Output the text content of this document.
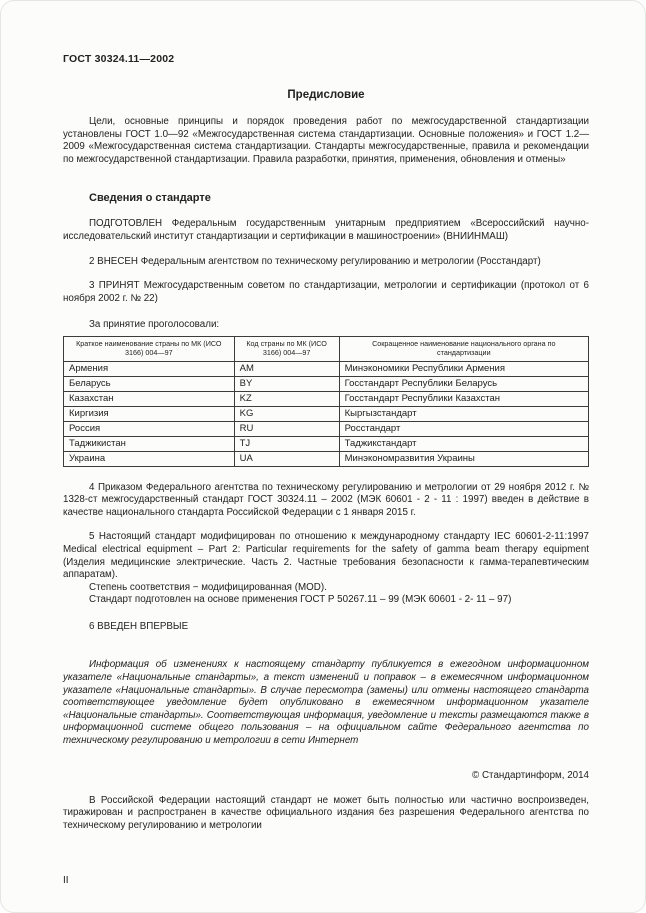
ГОСТ 30324.11—2002
Предисловие

Цели, основные принципы и порядок проведения работ по межгосударственной стандартизации установлены ГОСТ 1.0—92 «Межгосударственная система стандартизации. Основные положения» и ГОСТ 1.2—2009 «Межгосударственная система стандартизации. Стандарты межгосударственные, правила и рекомендации по межгосударственной стандартизации. Правила разработки, принятия, применения, обновления и отмены»

Сведения о стандарте

ПОДГОТОВЛЕН Федеральным государственным унитарным предприятием «Всероссийский научно-исследовательский институт стандартизации и сертификации в машиностроении» (ВНИИНМАШ)

2 ВНЕСЕН Федеральным агентством по техническому регулированию и метрологии (Росстандарт)

3 ПРИНЯТ Межгосударственным советом по стандартизации, метрологии и сертификации (протокол от 6 ноября 2002 г. № 22)

За принятие проголосовали:

Краткое наименование страны по МК (ИСО 3166) 004—97	Код страны по МК (ИСО 3166) 004—97	Сокращенное наименование национального органа по стандартизации
Армения	AM	Минэкономики Республики Армения
Беларусь	BY	Госстандарт Республики Беларусь
Казахстан	KZ	Госстандарт Республики Казахстан
Киргизия	KG	Кыргызстандарт
Россия	RU	Росстандарт
Таджикистан	TJ	Таджикстандарт
Украина	UA	Минэкономразвития Украины

4 Приказом Федерального агентства по техническому регулированию и метрологии от 29 ноября 2012 г. № 1328-ст межгосударственный стандарт ГОСТ 30324.11 – 2002 (МЭК 60601 - 2 - 11 : 1997) введен в действие в качестве национального стандарта Российской Федерации с 1 января 2015 г.

5 Настоящий стандарт модифицирован по отношению к международному стандарту IEC 60601-2-11:1997 Medical electrical equipment – Part 2: Particular requirements for the safety of gamma beam therapy equipment (Изделия медицинские электрические. Часть 2. Частные требования безопасности к гамма-терапевтическим аппаратам).

Степень соответствия − модифицированная (MOD).

Стандарт подготовлен на основе применения ГОСТ Р 50267.11 – 99 (МЭК 60601 - 2- 11 – 97)

6 ВВЕДЕН ВПЕРВЫЕ

Информация об изменениях к настоящему стандарту публикуется в ежегодном информационном указателе «Национальные стандарты», а текст изменений и поправок – в ежемесячном информационном указателе «Национальные стандарты». В случае пересмотра (замены) или отмены настоящего стандарта соответствующее уведомление будет опубликовано в ежемесячном информационном указателе «Национальные стандарты». Соответствующая информация, уведомление и тексты размещаются также в информационной системе общего пользования – на официальном сайте Федерального агентства по техническому регулированию и метрологии в сети Интернет

© Стандартинформ, 2014

В Российской Федерации настоящий стандарт не может быть полностью или частично воспроизведен, тиражирован и распространен в качестве официального издания без разрешения Федерального агентства по техническому регулированию и метрологии

II
